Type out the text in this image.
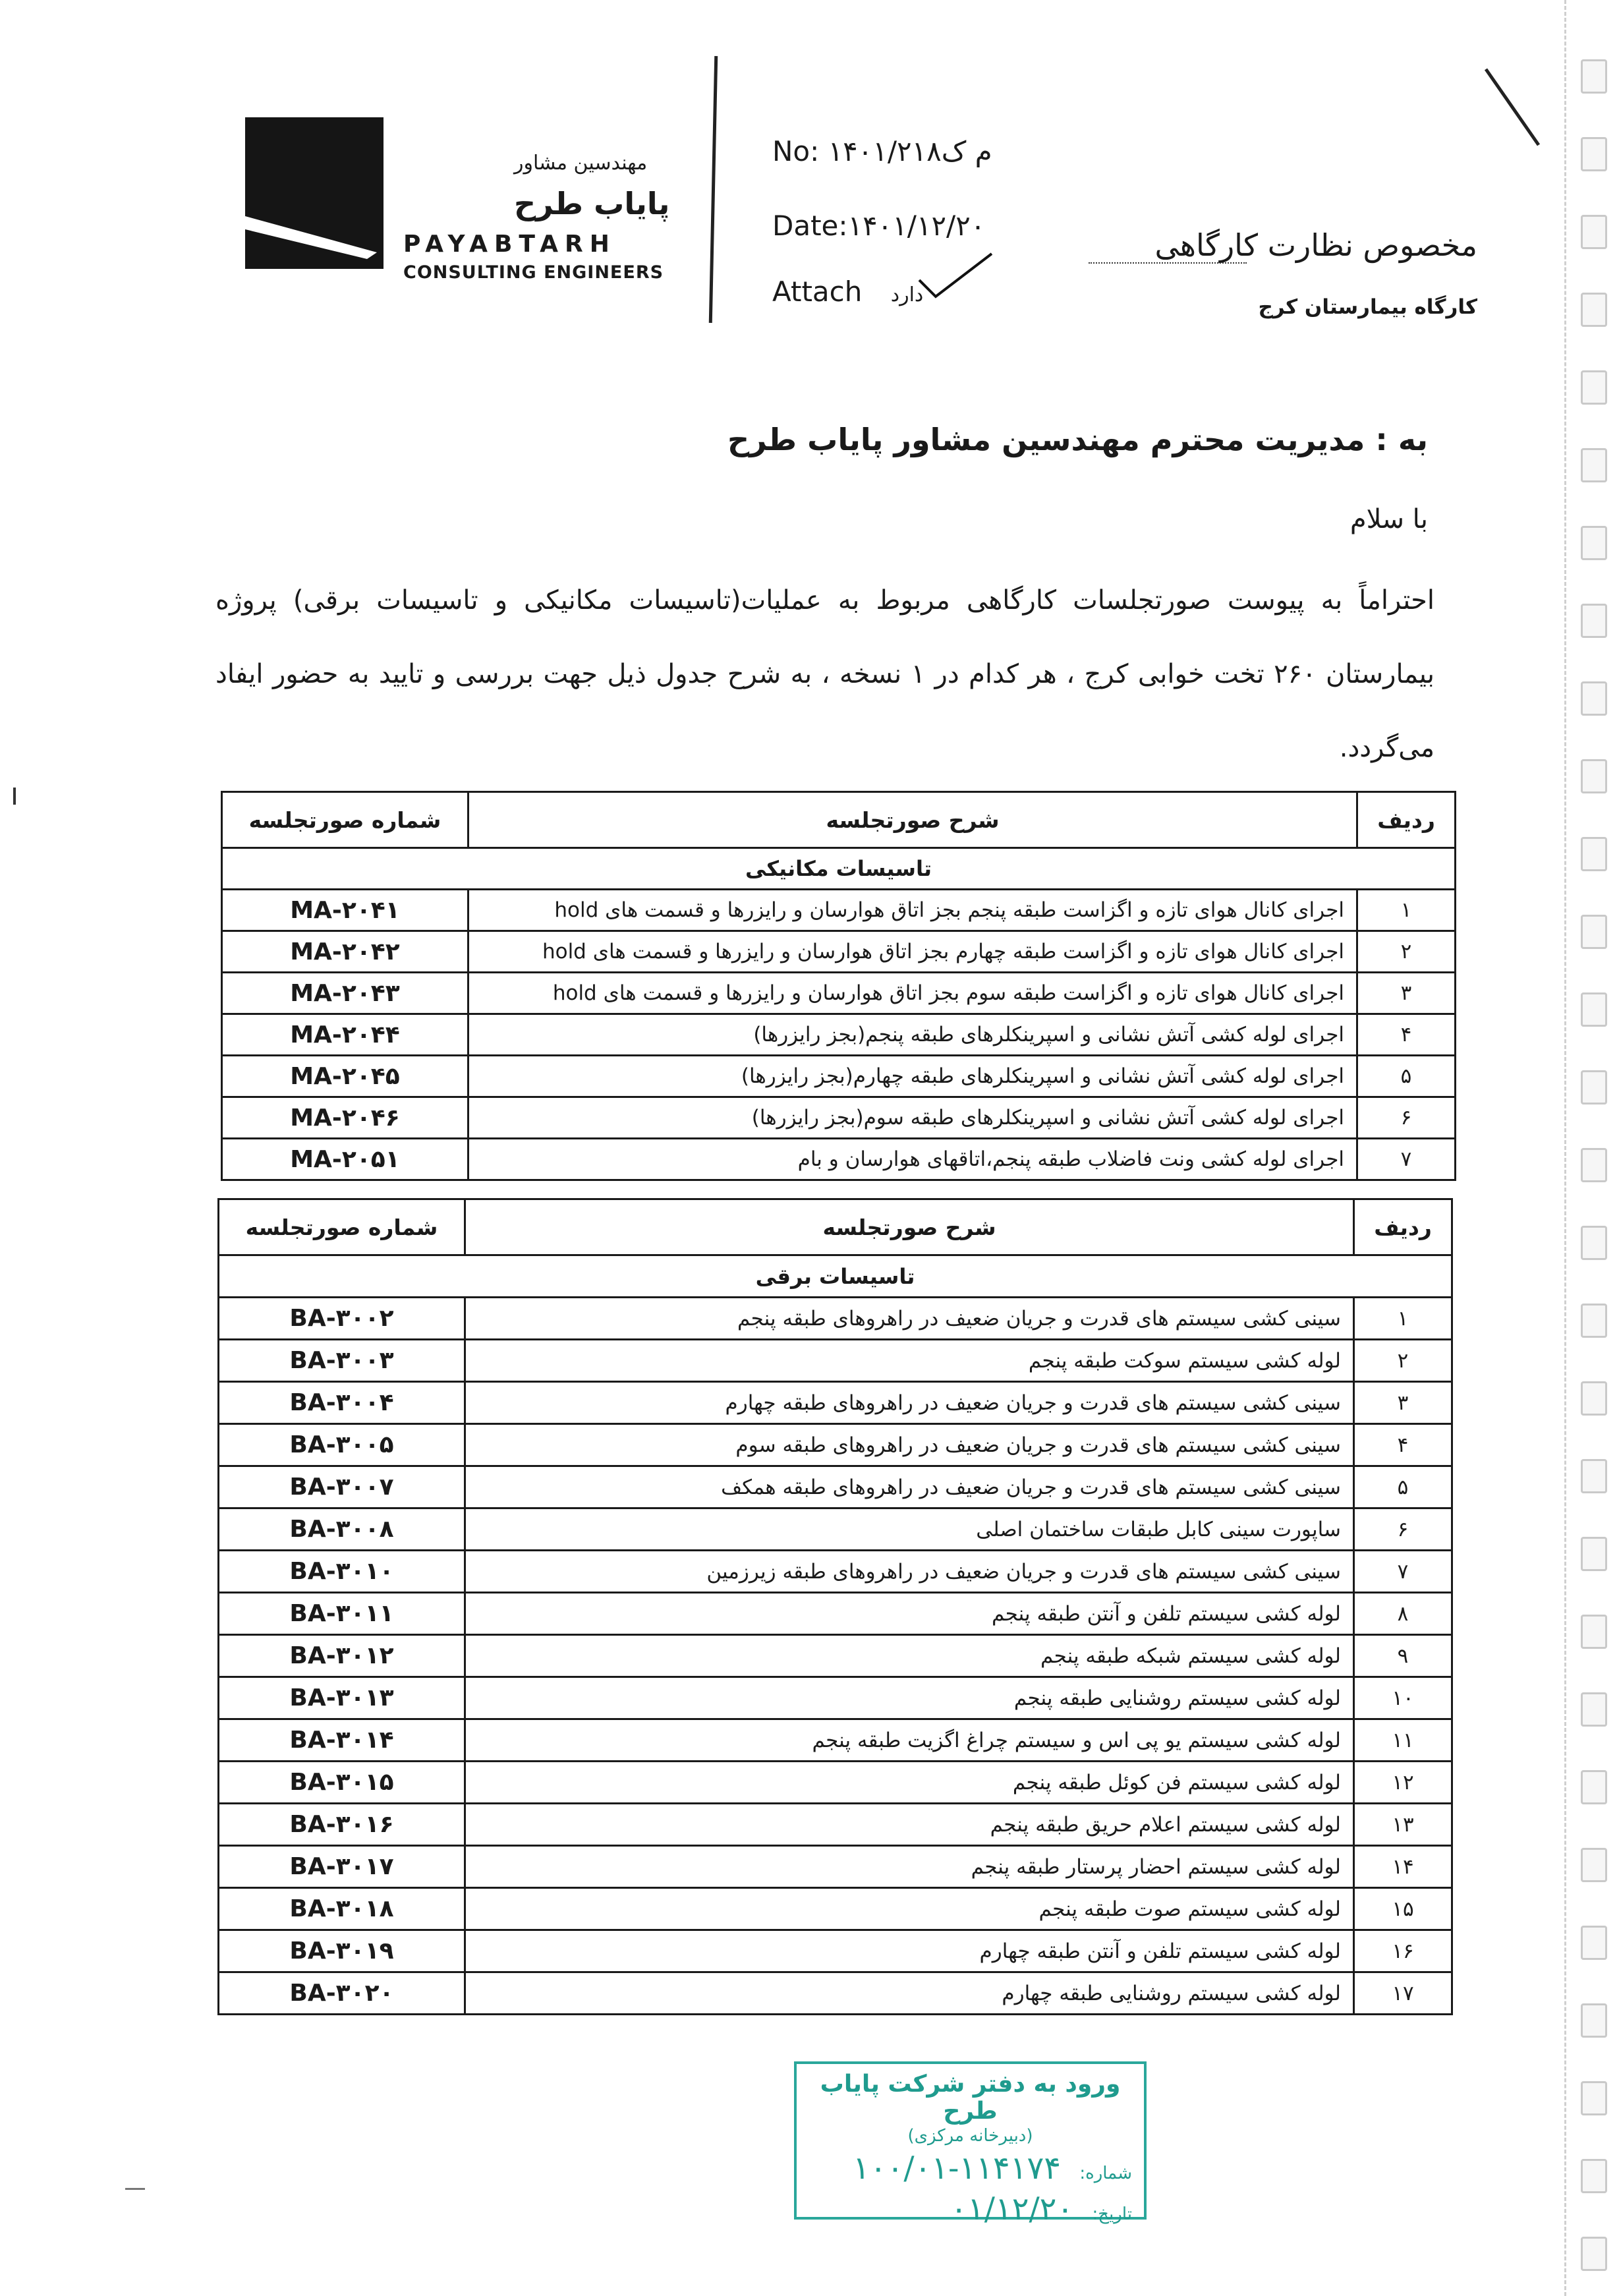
مهندسین مشاور
پایاب طرح
PAYABTARH
CONSULTING ENGINEERS
No: ۱۴۰۱/۲۱۸م ک
Date:۱۴۰۱/۱۲/۲۰
Attach دارد
مخصوص نظارت کارگاهی
کارگاه بیمارستان کرج
به : مدیریت محترم مهندسین مشاور پایاب طرح
با سلام
احتراماً به پیوست صورتجلسات کارگاهی مربوط به عملیات(تاسیسات مکانیکی و تاسیسات برقی) پروژه بیمارستان ۲۶۰ تخت خوابی کرج ، هر کدام در ۱ نسخه ، به شرح جدول ذیل جهت بررسی و تایید به حضور ایفاد می‌گردد.
ردیف	شرح صورتجلسه	شماره صورتجلسه
تاسیسات مکانیکی		
۱	اجرای کانال هوای تازه و اگزاست طبقه پنجم بجز اتاق هوارسان و رایزرها و قسمت های hold	MA-۲۰۴۱
۲	اجرای کانال هوای تازه و اگزاست طبقه چهارم بجز اتاق هوارسان و رایزرها و قسمت های hold	MA-۲۰۴۲
۳	اجرای کانال هوای تازه و اگزاست طبقه سوم بجز اتاق هوارسان و رایزرها و قسمت های hold	MA-۲۰۴۳
۴	اجرای لوله کشی آتش نشانی و اسپرینکلرهای طبقه پنجم(بجز رایزرها)	MA-۲۰۴۴
۵	اجرای لوله کشی آتش نشانی و اسپرینکلرهای طبقه چهارم(بجز رایزرها)	MA-۲۰۴۵
۶	اجرای لوله کشی آتش نشانی و اسپرینکلرهای طبقه سوم(بجز رایزرها)	MA-۲۰۴۶
۷	اجرای لوله کشی ونت فاضلاب طبقه پنجم،اتاقهای هوارسان و بام	MA-۲۰۵۱
ردیف	شرح صورتجلسه	شماره صورتجلسه
تاسیسات برقی		
۱	سینی کشی سیستم های قدرت و جریان ضعیف در راهروهای طبقه پنجم	BA-۳۰۰۲
۲	لوله کشی سیستم سوکت طبقه پنجم	BA-۳۰۰۳
۳	سینی کشی سیستم های قدرت و جریان ضعیف در راهروهای طبقه چهارم	BA-۳۰۰۴
۴	سینی کشی سیستم های قدرت و جریان ضعیف در راهروهای طبقه سوم	BA-۳۰۰۵
۵	سینی کشی سیستم های قدرت و جریان ضعیف در راهروهای طبقه همکف	BA-۳۰۰۷
۶	ساپورت سینی کابل طبقات ساختمان اصلی	BA-۳۰۰۸
۷	سینی کشی سیستم های قدرت و جریان ضعیف در راهروهای طبقه زیرزمین	BA-۳۰۱۰
۸	لوله کشی سیستم تلفن و آنتن طبقه پنجم	BA-۳۰۱۱
۹	لوله کشی سیستم شبکه طبقه پنجم	BA-۳۰۱۲
۱۰	لوله کشی سیستم روشنایی طبقه پنجم	BA-۳۰۱۳
۱۱	لوله کشی سیستم یو پی اس و سیستم چراغ اگزیت طبقه پنجم	BA-۳۰۱۴
۱۲	لوله کشی سیستم فن کوئل طبقه پنجم	BA-۳۰۱۵
۱۳	لوله کشی سیستم اعلام حریق طبقه پنجم	BA-۳۰۱۶
۱۴	لوله کشی سیستم احضار پرستار طبقه پنجم	BA-۳۰۱۷
۱۵	لوله کشی سیستم صوت طبقه پنجم	BA-۳۰۱۸
۱۶	لوله کشی سیستم تلفن و آنتن طبقه چهارم	BA-۳۰۱۹
۱۷	لوله کشی سیستم روشنایی طبقه چهارم	BA-۳۰۲۰
ورود به دفتر شرکت پایاب طرح
(دبیرخانه مرکزی)
شماره: ۱۰۰/۰۱-۱۱۴۱۷۴
تاریخ: ۰۱/۱۲/۲۰
